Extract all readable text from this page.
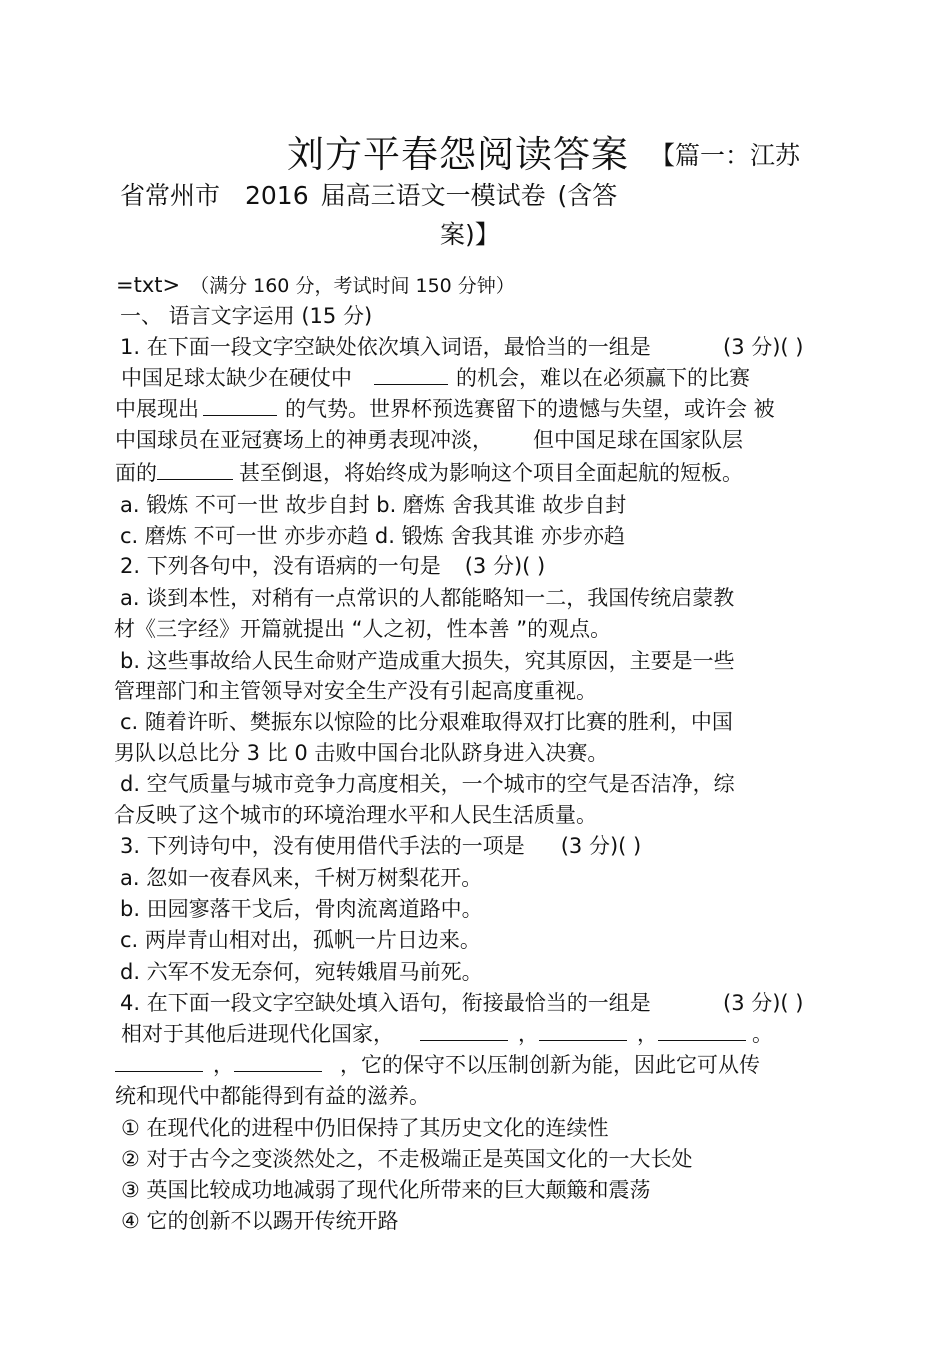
刘方平春怨阅读答案 【篇一：江苏
省常州市　2016 届高三语文一模试卷 (含答
案)】
=txt> （满分 160 分，考试时间 150 分钟）
一、 语言文字运用 (15 分)
1. 在下面一段文字空缺处依次填入词语，最恰当的一组是	(3 分)( )
中国足球太缺少在硬仗中	的机会，难以在必须赢下的比赛
中展现出	的气势。世界杯预选赛留下的遗憾与失望，或许会 被
中国球员在亚冠赛场上的神勇表现冲淡， 但中国足球在国家队层
面的	甚至倒退，将始终成为影响这个项目全面起航的短板。
a. 锻炼 不可一世 故步自封 b. 磨炼 舍我其谁 故步自封
c. 磨炼 不可一世 亦步亦趋 d. 锻炼 舍我其谁 亦步亦趋
2. 下列各句中，没有语病的一句是 (3 分)( )
a. 谈到本性，对稍有一点常识的人都能略知一二，我国传统启蒙教
材《三字经》开篇就提出 “人之初，性本善 ”的观点。
b. 这些事故给人民生命财产造成重大损失，究其原因，主要是一些
管理部门和主管领导对安全生产没有引起高度重视。
c. 随着许昕、樊振东以惊险的比分艰难取得双打比赛的胜利，中国
男队以总比分 3 比 0 击败中国台北队跻身进入决赛。
d. 空气质量与城市竞争力高度相关，一个城市的空气是否洁净，综
合反映了这个城市的环境治理水平和人民生活质量。
3. 下列诗句中，没有使用借代手法的一项是 (3 分)( )
a. 忽如一夜春风来，千树万树梨花开。
b. 田园寥落干戈后，骨肉流离道路中。
c. 两岸青山相对出，孤帆一片日边来。
d. 六军不发无奈何，宛转娥眉马前死。
4. 在下面一段文字空缺处填入语句，衔接最恰当的一组是	(3 分)( )
相对于其他后进现代化国家，	，	，	。
，	，它的保守不以压制创新为能，因此它可从传
统和现代中都能得到有益的滋养。
① 在现代化的进程中仍旧保持了其历史文化的连续性
② 对于古今之变淡然处之，不走极端正是英国文化的一大长处
③ 英国比较成功地减弱了现代化所带来的巨大颠簸和震荡
④ 它的创新不以踢开传统开路
